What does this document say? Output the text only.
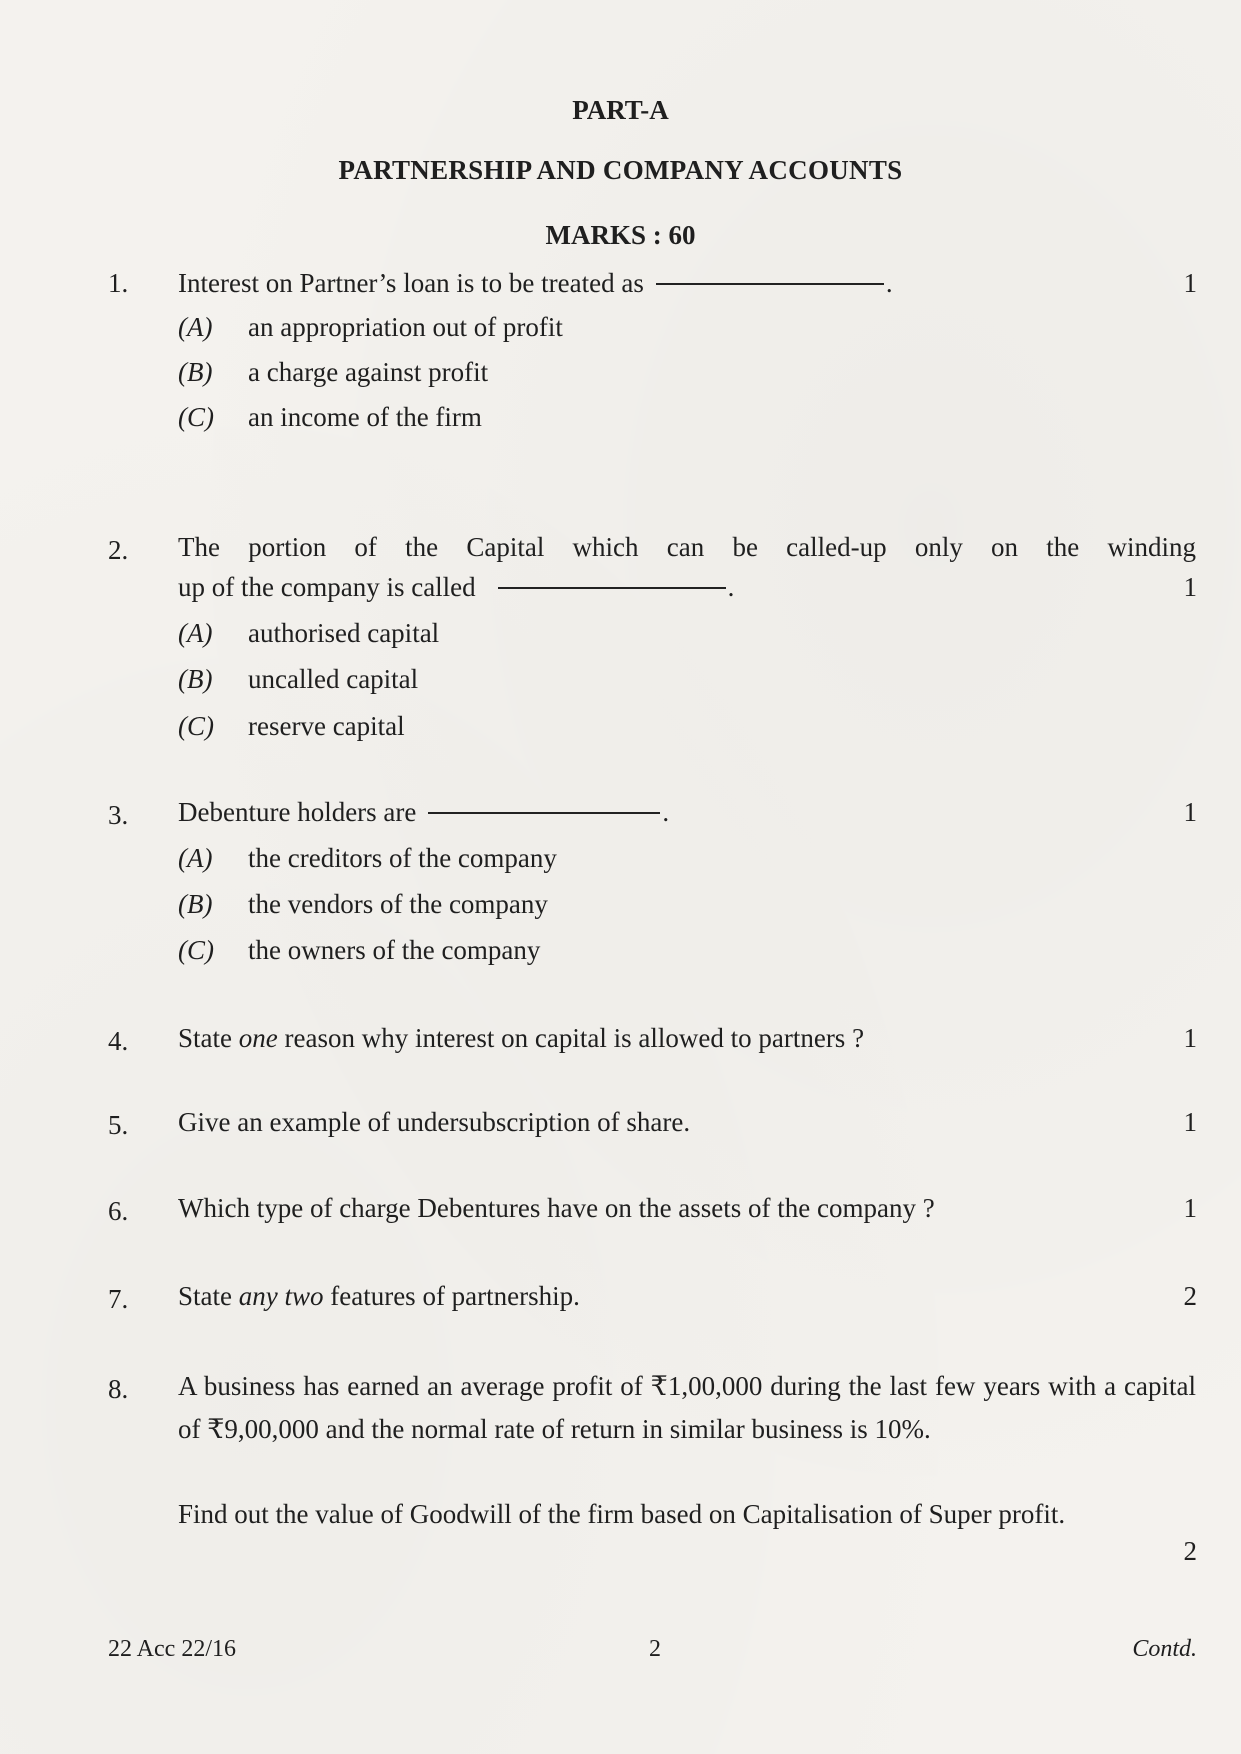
PART-A
PARTNERSHIP AND COMPANY ACCOUNTS
MARKS : 60
1. Interest on Partner’s loan is to be treated as	.	1
(A) an appropriation out of profit
(B) a charge against profit
(C) an income of the firm
2. The portion of the Capital which can be called-up only on the winding
up of the company is called	.	1
(A) authorised capital
(B) uncalled capital
(C) reserve capital
3. Debenture holders are	.	1
(A) the creditors of the company
(B) the vendors of the company
(C) the owners of the company
4. State one reason why interest on capital is allowed to partners ?	1
5. Give an example of undersubscription of share.	1
6. Which type of charge Debentures have on the assets of the company ?	1
7. State any two features of partnership.	2
8. A business has earned an average profit of ₹1,00,000 during the last few years with a capital of ₹9,00,000 and the normal rate of return in similar business is 10%.
Find out the value of Goodwill of the firm based on Capitalisation of Super profit.
2
22 Acc 22/16	2	Contd.
